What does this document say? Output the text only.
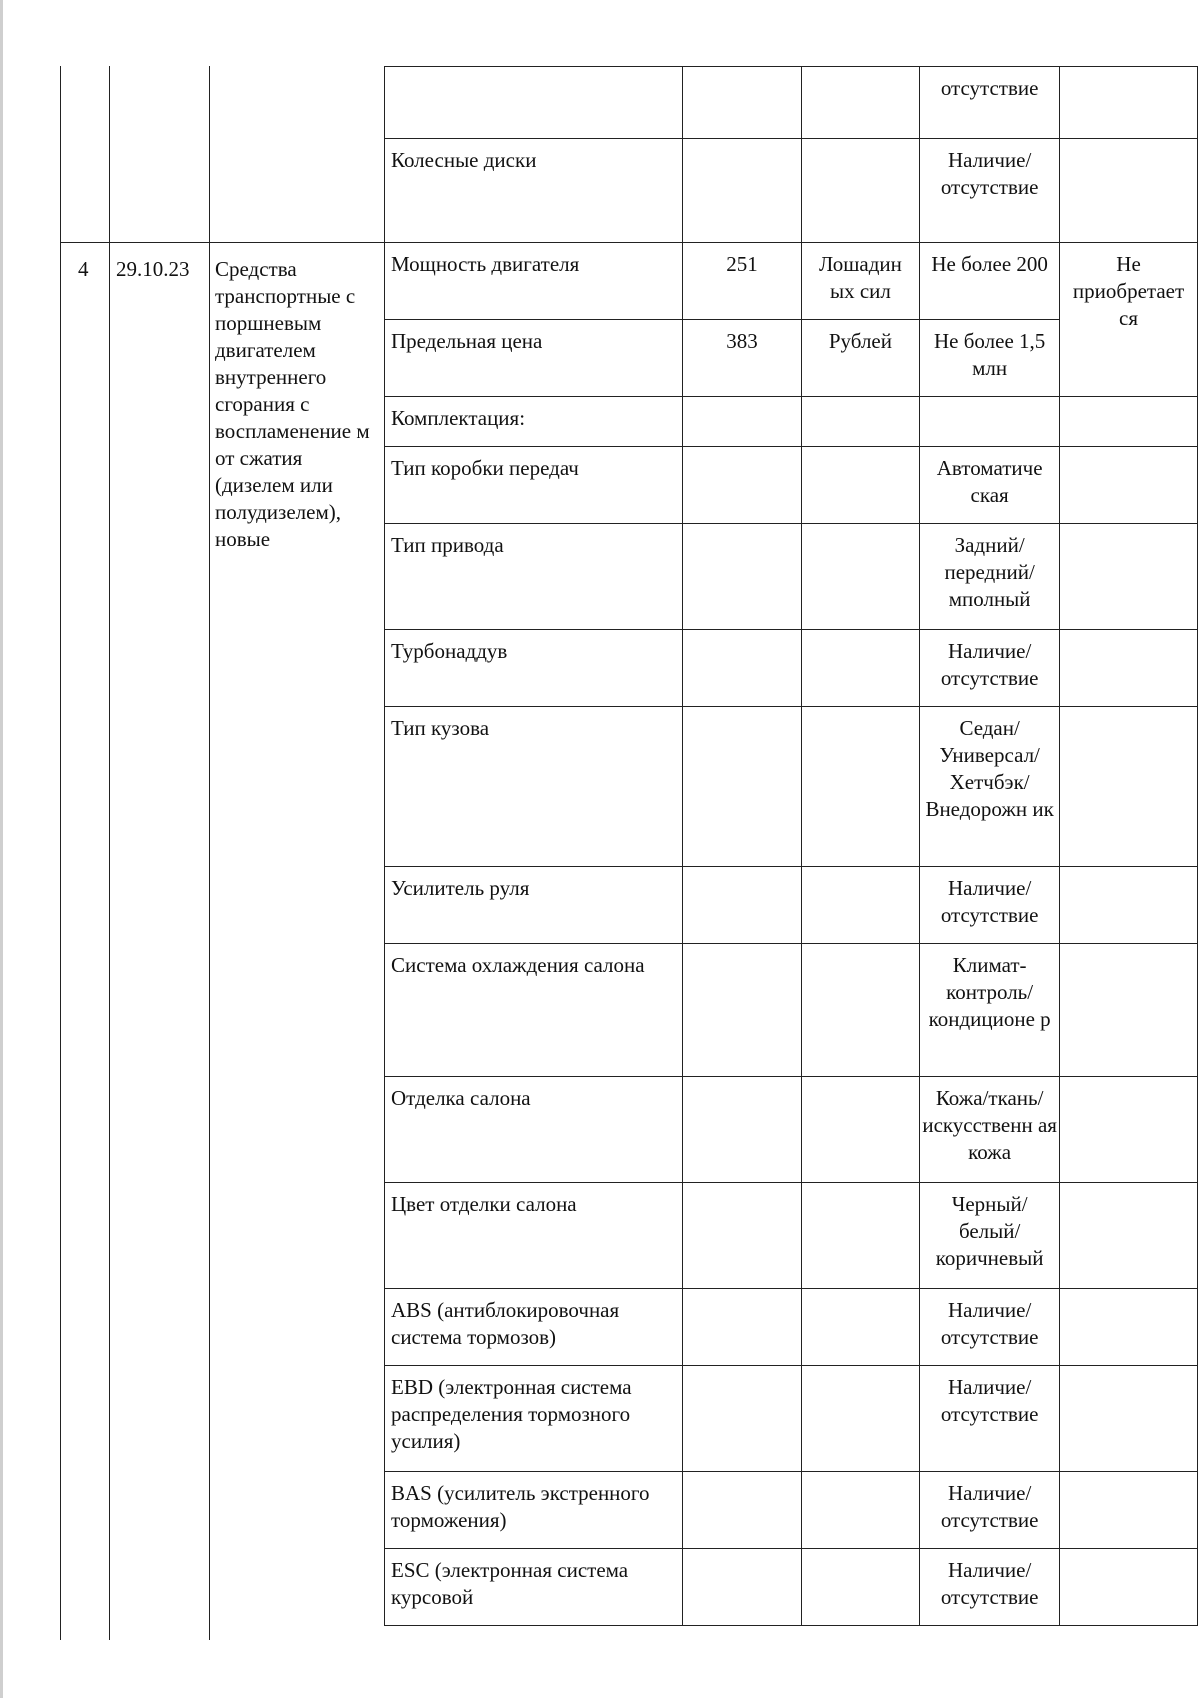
4	29.10.23	Средства транспортные с поршневым двигателем внутреннего сгорания с воспламенение м от сжатия (дизелем или полудизелем), новые
			отсутствие	
Колесные диски			Наличие/ отсутствие	
Мощность двигателя	251	Лошадин ых сил	Не более 200	Не приобретает ся
Предельная цена	383	Рублей	Не более 1,5 млн	
Комплектация:				
Тип коробки передач			Автоматиче ская	
Тип привода			Задний/ передний/ мполный	
Турбонаддув			Наличие/ отсутствие	
Тип кузова			Седан/ Универсал/ Хетчбэк/ Внедорожн ик	
Усилитель руля			Наличие/ отсутствие	
Система охлаждения салона			Климат- контроль/ кондиционе р	
Отделка салона			Кожа/ткань/ искусственн ая кожа	
Цвет отделки салона			Черный/ белый/ коричневый	
ABS (антиблокировочная система тормозов)			Наличие/ отсутствие	
EBD (электронная система распределения тормозного усилия)			Наличие/ отсутствие	
BAS (усилитель экстренного торможения)			Наличие/ отсутствие	
ESC (электронная система курсовой			Наличие/ отсутствие	
